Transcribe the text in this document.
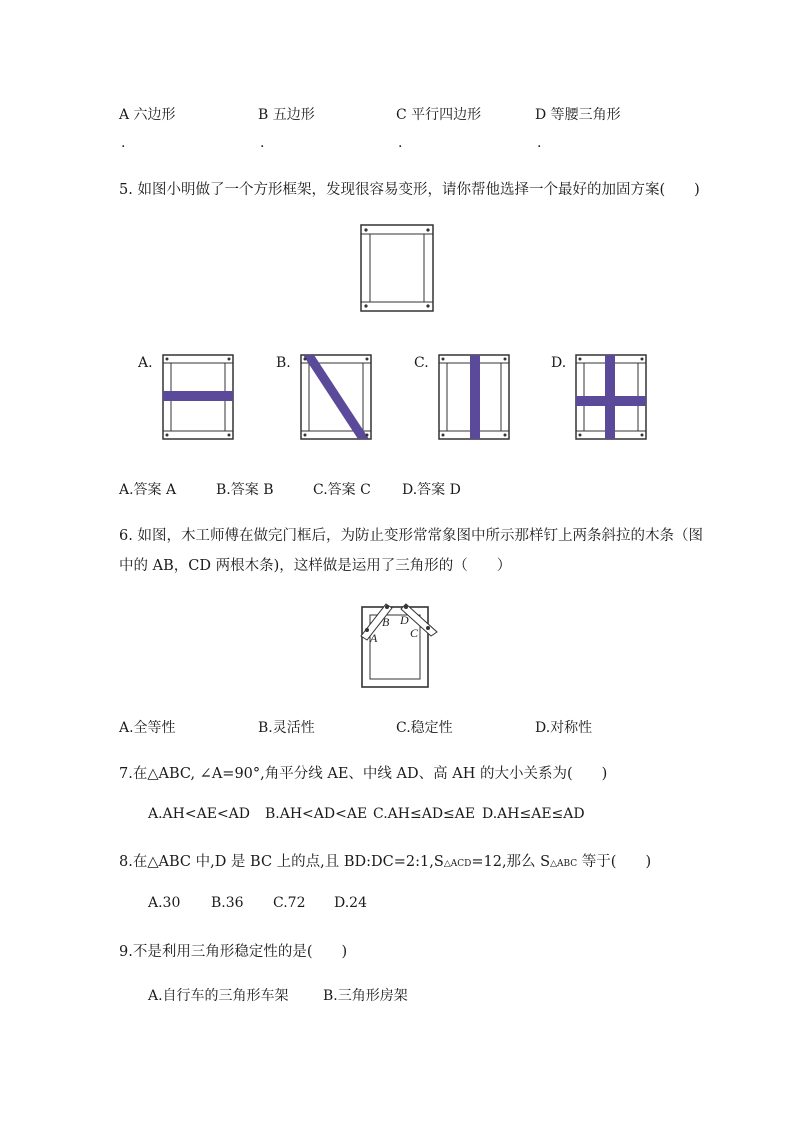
A 六边形	B 五边形	C 平行四边形	D 等腰三角形
.	.	.	.
5. 如图小明做了一个方形框架，发现很容易变形，请你帮他选择一个最好的加固方案(　　)
A.	B.	C.	D.
A.答案 A	B.答案 B	C.答案 C D.答案 D
6. 如图，木工师傅在做完门框后，为防止变形常常象图中所示那样钉上两条斜拉的木条（图
中的 AB，CD 两根木条)，这样做是运用了三角形的（　　）
A
B D
C
A.全等性	B.灵活性	C.稳定性	D.对称性
7.在△ABC, ∠A=90°,角平分线 AE、中线 AD、高 AH 的大小关系为(　　)
A.AH<AE<AD B.AH<AD<AE C.AH≤AD≤AE D.AH≤AE≤AD
8.在△ABC 中,D 是 BC 上的点,且 BD:DC=2:1,S△ACD=12,那么 S△ABC 等于(　　)
A.30 B.36 C.72 D.24
9.不是利用三角形稳定性的是(　　)
A.自行车的三角形车架 B.三角形房架
